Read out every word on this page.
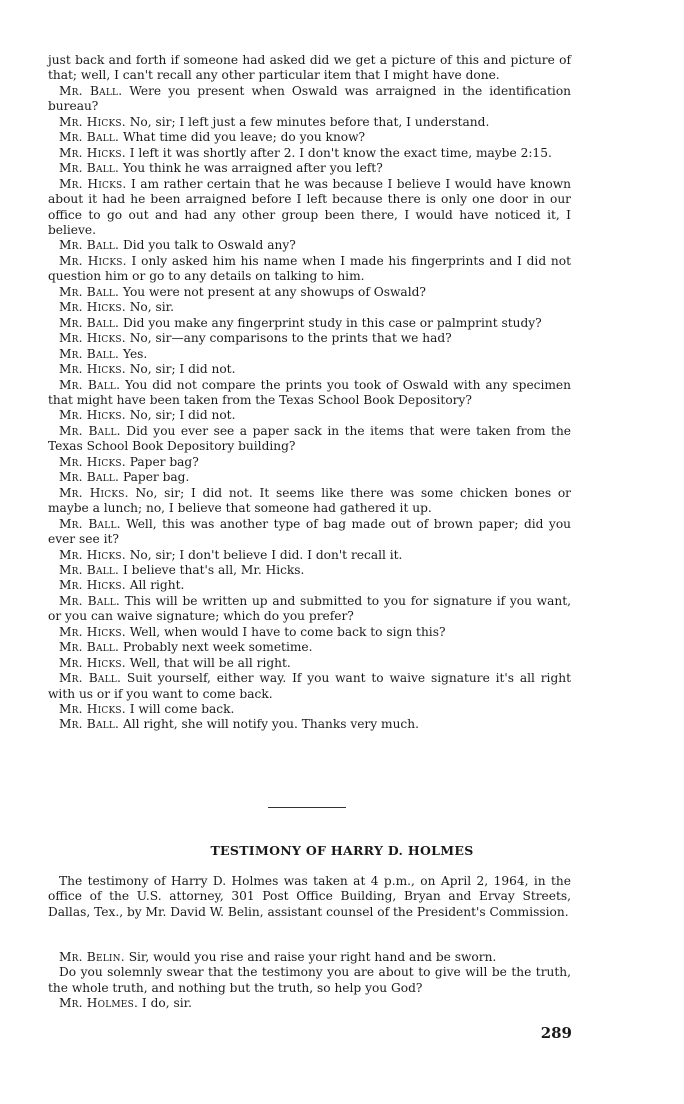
just back and forth if someone had asked did we get a picture of this and picture of that; well, I can't recall any other particular item that I might have done.

Mr. Ball. Were you present when Oswald was arraigned in the identification bureau?

Mr. Hicks. No, sir; I left just a few minutes before that, I understand.

Mr. Ball. What time did you leave; do you know?

Mr. Hicks. I left it was shortly after 2. I don't know the exact time, maybe 2:15.

Mr. Ball. You think he was arraigned after you left?

Mr. Hicks. I am rather certain that he was because I believe I would have known about it had he been arraigned before I left because there is only one door in our office to go out and had any other group been there, I would have noticed it, I believe.

Mr. Ball. Did you talk to Oswald any?

Mr. Hicks. I only asked him his name when I made his fingerprints and I did not question him or go to any details on talking to him.

Mr. Ball. You were not present at any showups of Oswald?

Mr. Hicks. No, sir.

Mr. Ball. Did you make any fingerprint study in this case or palmprint study?

Mr. Hicks. No, sir—any comparisons to the prints that we had?

Mr. Ball. Yes.

Mr. Hicks. No, sir; I did not.

Mr. Ball. You did not compare the prints you took of Oswald with any specimen that might have been taken from the Texas School Book Depository?

Mr. Hicks. No, sir; I did not.

Mr. Ball. Did you ever see a paper sack in the items that were taken from the Texas School Book Depository building?

Mr. Hicks. Paper bag?

Mr. Ball. Paper bag.

Mr. Hicks. No, sir; I did not. It seems like there was some chicken bones or maybe a lunch; no, I believe that someone had gathered it up.

Mr. Ball. Well, this was another type of bag made out of brown paper; did you ever see it?

Mr. Hicks. No, sir; I don't believe I did. I don't recall it.

Mr. Ball. I believe that's all, Mr. Hicks.

Mr. Hicks. All right.

Mr. Ball. This will be written up and submitted to you for signature if you want, or you can waive signature; which do you prefer?

Mr. Hicks. Well, when would I have to come back to sign this?

Mr. Ball. Probably next week sometime.

Mr. Hicks. Well, that will be all right.

Mr. Ball. Suit yourself, either way. If you want to waive signature it's all right with us or if you want to come back.

Mr. Hicks. I will come back.

Mr. Ball. All right, she will notify you. Thanks very much.

TESTIMONY OF HARRY D. HOLMES

The testimony of Harry D. Holmes was taken at 4 p.m., on April 2, 1964, in the office of the U.S. attorney, 301 Post Office Building, Bryan and Ervay Streets, Dallas, Tex., by Mr. David W. Belin, assistant counsel of the President's Commission.

Mr. Belin. Sir, would you rise and raise your right hand and be sworn.

Do you solemnly swear that the testimony you are about to give will be the truth, the whole truth, and nothing but the truth, so help you God?

Mr. Holmes. I do, sir.

289
